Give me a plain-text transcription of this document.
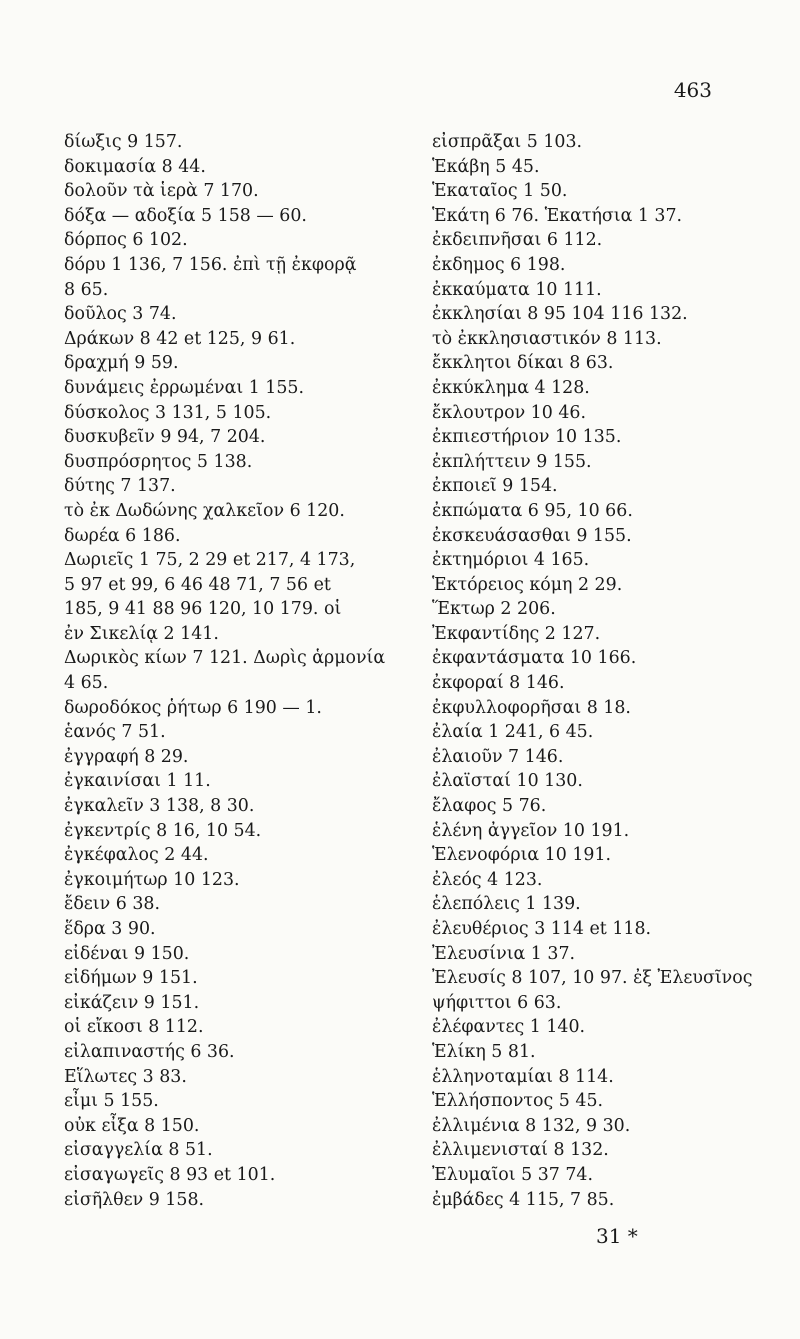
463
δίωξις 9 157.
δοκιμασία 8 44.
δολοῦν τὰ ἱερὰ 7 170.
δόξα — αδοξία 5 158 — 60.
δόρπος 6 102.
δόρυ 1 136, 7 156. ἐπὶ τῇ ἐκφορᾷ
8 65.
δοῦλος 3 74.
Δράκων 8 42 et 125, 9 61.
δραχμή 9 59.
δυνάμεις ἐρρωμέναι 1 155.
δύσκολος 3 131, 5 105.
δυσκυβεῖν 9 94, 7 204.
δυσπρόσρητος 5 138.
δύτης 7 137.
τὸ ἐκ Δωδώνης χαλκεῖον 6 120.
δωρέα 6 186.
Δωριεῖς 1 75, 2 29 et 217, 4 173,
5 97 et 99, 6 46 48 71, 7 56 et
185, 9 41 88 96 120, 10 179. οἱ
ἐν Σικελίᾳ 2 141.
Δωρικὸς κίων 7 121. Δωρὶς ἁρμονία
4 65.
δωροδόκος ῥήτωρ 6 190 — 1.
ἑανός 7 51.
ἐγγραφή 8 29.
ἐγκαινίσαι 1 11.
ἐγκαλεῖν 3 138, 8 30.
ἐγκεντρίς 8 16, 10 54.
ἐγκέφαλος 2 44.
ἐγκοιμήτωρ 10 123.
ἔδειν 6 38.
ἕδρα 3 90.
εἰδέναι 9 150.
εἰδήμων 9 151.
εἰκάζειν 9 151.
οἱ εἴκοσι 8 112.
εἰλαπιναστής 6 36.
Εἵλωτες 3 83.
εἶμι 5 155.
οὐκ εἶξα 8 150.
εἰσαγγελία 8 51.
εἰσαγωγεῖς 8 93 et 101.
εἰσῆλθεν 9 158.
εἰσπρᾶξαι 5 103.
Ἑκάβη 5 45.
Ἑκαταῖος 1 50.
Ἑκάτη 6 76. Ἑκατήσια 1 37.
ἐκδειπνῆσαι 6 112.
ἐκδημος 6 198.
ἐκκαύματα 10 111.
ἐκκλησίαι 8 95 104 116 132.
τὸ ἐκκλησιαστικόν 8 113.
ἔκκλητοι δίκαι 8 63.
ἐκκύκλημα 4 128.
ἔκλουτρον 10 46.
ἐκπιεστήριον 10 135.
ἐκπλήττειν 9 155.
ἐκποιεῖ 9 154.
ἐκπώματα 6 95, 10 66.
ἐκσκευάσασθαι 9 155.
ἐκτημόριοι 4 165.
Ἑκτόρειος κόμη 2 29.
Ἕκτωρ 2 206.
Ἐκφαντίδης 2 127.
ἐκφαντάσματα 10 166.
ἐκφοραί 8 146.
ἐκφυλλοφορῆσαι 8 18.
ἐλαία 1 241, 6 45.
ἐλαιοῦν 7 146.
ἐλαϊσταί 10 130.
ἔλαφος 5 76.
ἑλένη ἀγγεῖον 10 191.
Ἑλενοφόρια 10 191.
ἐλεός 4 123.
ἑλεπόλεις 1 139.
ἐλευθέριος 3 114 et 118.
Ἐλευσίνια 1 37.
Ἐλευσίς 8 107, 10 97. ἐξ Ἐλευσῖνος
ψήφιττοι 6 63.
ἐλέφαντες 1 140.
Ἑλίκη 5 81.
ἑλληνοταμίαι 8 114.
Ἑλλήσποντος 5 45.
ἐλλιμένια 8 132, 9 30.
ἐλλιμενισταί 8 132.
Ἐλυμαῖοι 5 37 74.
ἐμβάδες 4 115, 7 85.
31 *
